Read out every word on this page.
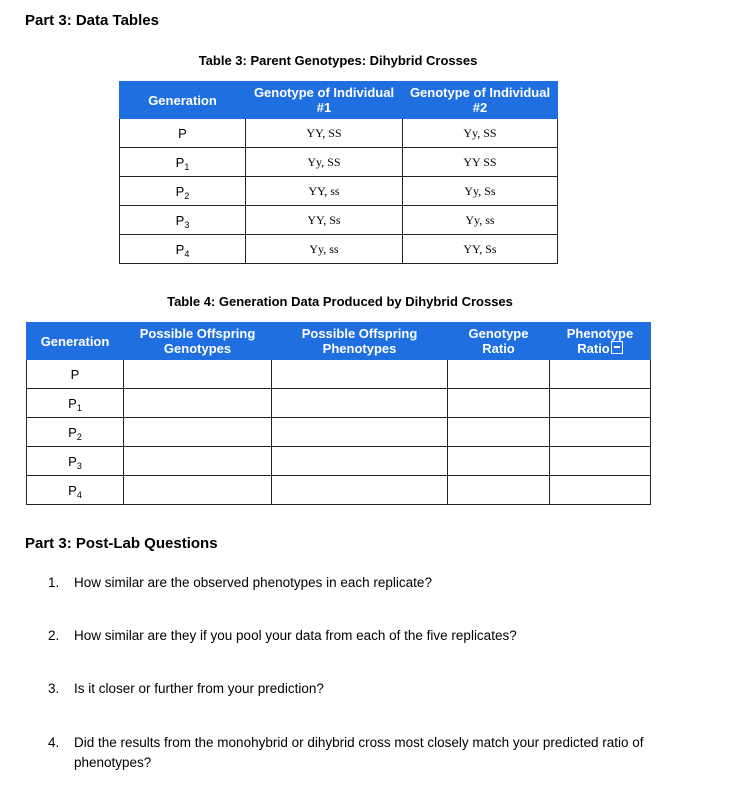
Part 3: Data Tables
Table 3: Parent Genotypes: Dihybrid Crosses
Generation	Genotype of Individual #1	Genotype of Individual #2
P	YY, SS	Yy, SS
$P_1$	Yy, SS	YY SS
$P_2$	YY, ss	Yy, Ss
$P_3$	YY, Ss	Yy, ss
$P_4$	Yy, ss	YY, Ss
Table 4: Generation Data Produced by Dihybrid Crosses
Generation	Possible Offspring Genotypes	Possible Offspring Phenotypes	Genotype Ratio	Phenotype Ratio
P				
$P_1$				
$P_2$				
$P_3$				
$P_4$				
Part 3: Post-Lab Questions
1. How similar are the observed phenotypes in each replicate?
2. How similar are they if you pool your data from each of the five replicates?
3. Is it closer or further from your prediction?
4. Did the results from the monohybrid or dihybrid cross most closely match your predicted ratio of phenotypes?
